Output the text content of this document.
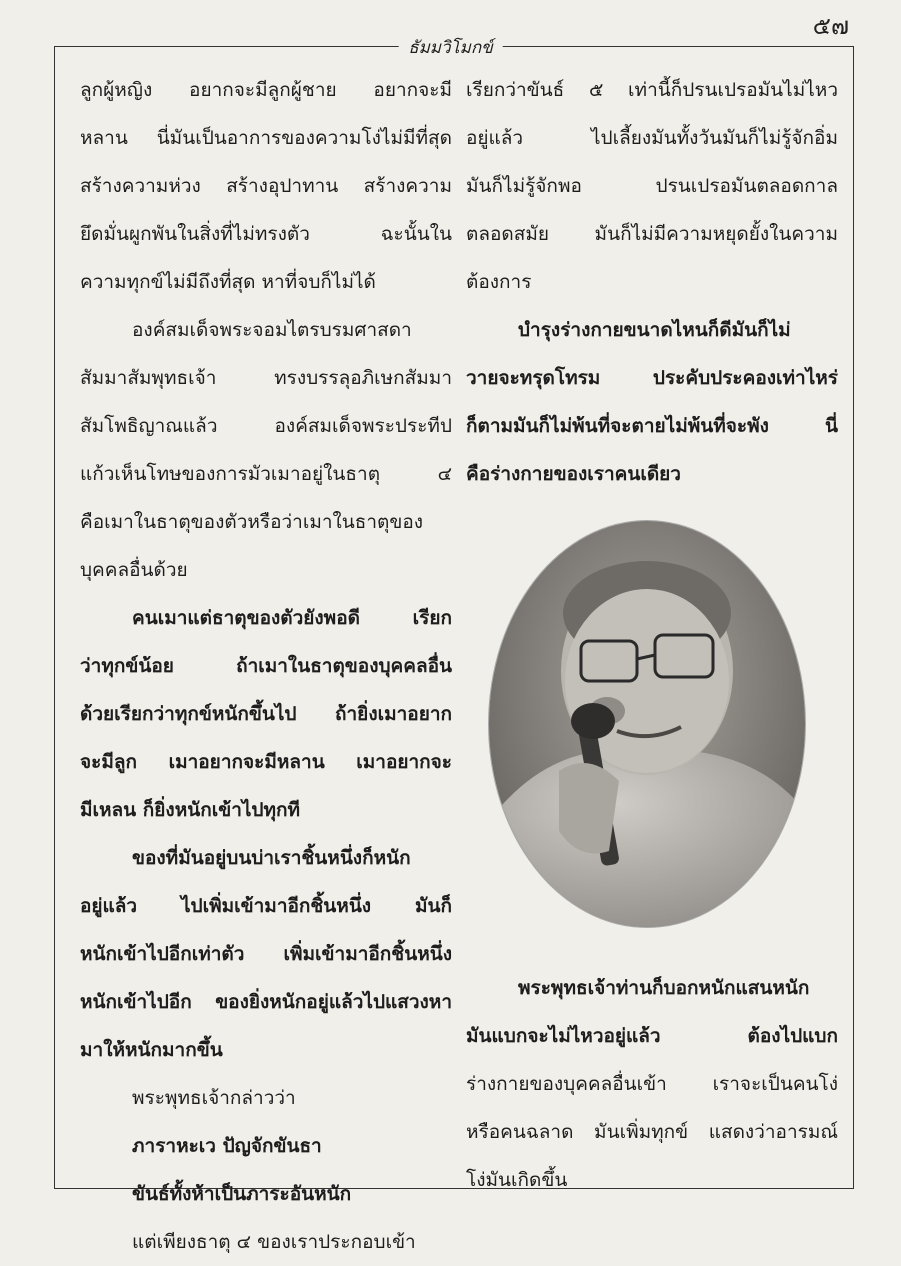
๕๗
ธัมมวิโมกข์
ลูกผู้หญิง อยากจะมีลูกผู้ชาย อยากจะมี
หลาน นี่มันเป็นอาการของความโง่ไม่มีที่สุด
สร้างความห่วง สร้างอุปาทาน สร้างความ
ยึดมั่นผูกพันในสิ่งที่ไม่ทรงตัว ฉะนั้นใน
ความทุกข์ไม่มีถึงที่สุด หาที่จบก็ไม่ได้
องค์สมเด็จพระจอมไตรบรมศาสดา
สัมมาสัมพุทธเจ้า ทรงบรรลุอภิเษกสัมมา
สัมโพธิญาณแล้ว องค์สมเด็จพระประทีป
แก้วเห็นโทษของการมัวเมาอยู่ในธาตุ ๔
คือเมาในธาตุของตัวหรือว่าเมาในธาตุของ
บุคคลอื่นด้วย
คนเมาแต่ธาตุของตัวยังพอดี เรียก
ว่าทุกข์น้อย ถ้าเมาในธาตุของบุคคลอื่น
ด้วยเรียกว่าทุกข์หนักขึ้นไป ถ้ายิ่งเมาอยาก
จะมีลูก เมาอยากจะมีหลาน เมาอยากจะ
มีเหลน ก็ยิ่งหนักเข้าไปทุกที
ของที่มันอยู่บนบ่าเราชิ้นหนึ่งก็หนัก
อยู่แล้ว ไปเพิ่มเข้ามาอีกชิ้นหนึ่ง มันก็
หนักเข้าไปอีกเท่าตัว เพิ่มเข้ามาอีกชิ้นหนึ่ง
หนักเข้าไปอีก ของยิ่งหนักอยู่แล้วไปแสวงหา
มาให้หนักมากขึ้น
พระพุทธเจ้ากล่าวว่า
ภาราหะเว ปัญจักขันธา
ขันธ์ทั้งห้าเป็นภาระอันหนัก
แต่เพียงธาตุ ๔ ของเราประกอบเข้า
เรียกว่าขันธ์ ๕ เท่านี้ก็ปรนเปรอมันไม่ไหว
อยู่แล้ว ไปเลี้ยงมันทั้งวันมันก็ไม่รู้จักอิ่ม
มันก็ไม่รู้จักพอ ปรนเปรอมันตลอดกาล
ตลอดสมัย มันก็ไม่มีความหยุดยั้งในความ
ต้องการ
บำรุงร่างกายขนาดไหนก็ดีมันก็ไม่
วายจะทรุดโทรม ประคับประคองเท่าไหร่
ก็ตามมันก็ไม่พ้นที่จะตายไม่พ้นที่จะพัง นี่
คือร่างกายของเราคนเดียว
พระพุทธเจ้าท่านก็บอกหนักแสนหนัก
มันแบกจะไม่ไหวอยู่แล้ว ต้องไปแบก
ร่างกายของบุคคลอื่นเข้า เราจะเป็นคนโง่
หรือคนฉลาด มันเพิ่มทุกข์ แสดงว่าอารมณ์
โง่มันเกิดขึ้น
